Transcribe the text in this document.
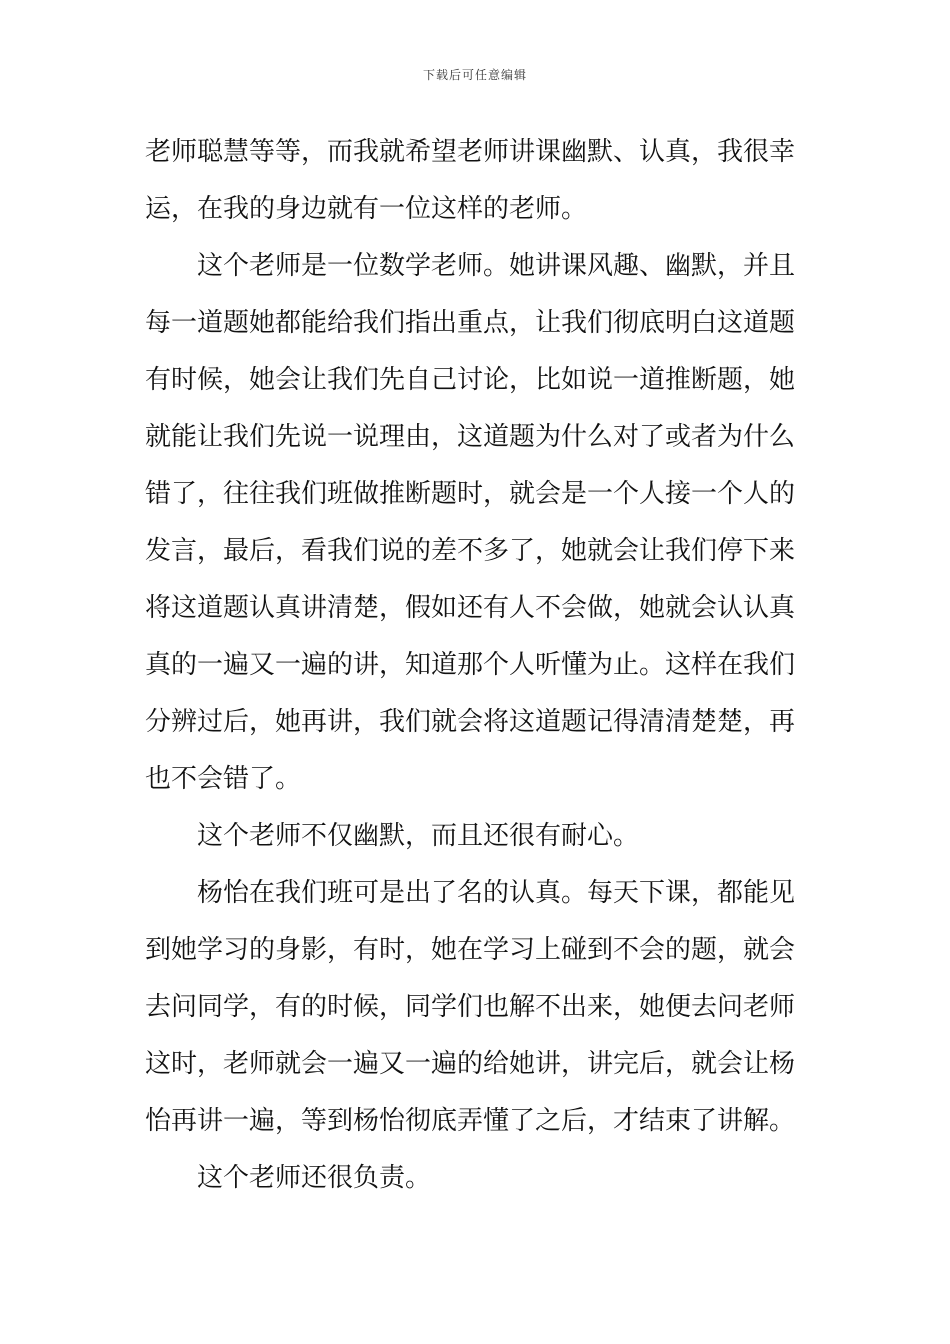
下载后可任意编辑
老师聪慧等等，而我就希望老师讲课幽默、认真，我很幸
运，在我的身边就有一位这样的老师。
这个老师是一位数学老师。她讲课风趣、幽默，并且
每一道题她都能给我们指出重点，让我们彻底明白这道题
有时候，她会让我们先自己讨论，比如说一道推断题，她
就能让我们先说一说理由，这道题为什么对了或者为什么
错了，往往我们班做推断题时，就会是一个人接一个人的
发言，最后，看我们说的差不多了，她就会让我们停下来
将这道题认真讲清楚，假如还有人不会做，她就会认认真
真的一遍又一遍的讲，知道那个人听懂为止。这样在我们
分辨过后，她再讲，我们就会将这道题记得清清楚楚，再
也不会错了。
这个老师不仅幽默，而且还很有耐心。
杨怡在我们班可是出了名的认真。每天下课，都能见
到她学习的身影，有时，她在学习上碰到不会的题，就会
去问同学，有的时候，同学们也解不出来，她便去问老师
这时，老师就会一遍又一遍的给她讲，讲完后，就会让杨
怡再讲一遍，等到杨怡彻底弄懂了之后，才结束了讲解。
这个老师还很负责。
